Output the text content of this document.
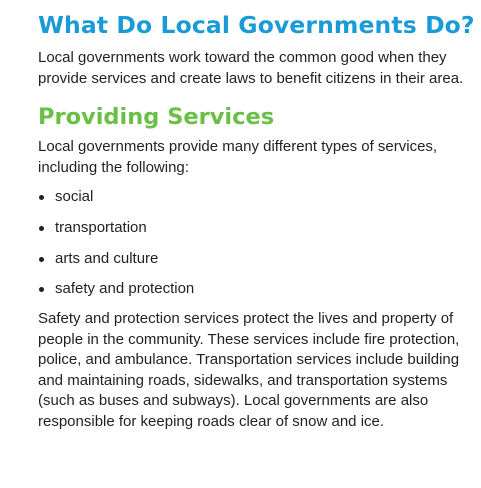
What Do Local Governments Do?

Local governments work toward the common good when they provide services and create laws to benefit citizens in their area.

Providing Services

Local governments provide many different types of services, including the following:

social
transportation
arts and culture
safety and protection

Safety and protection services protect the lives and property of people in the community. These services include fire protection, police, and ambulance. Transportation services include building and maintaining roads, sidewalks, and transportation systems (such as buses and subways). Local governments are also responsible for keeping roads clear of snow and ice.
